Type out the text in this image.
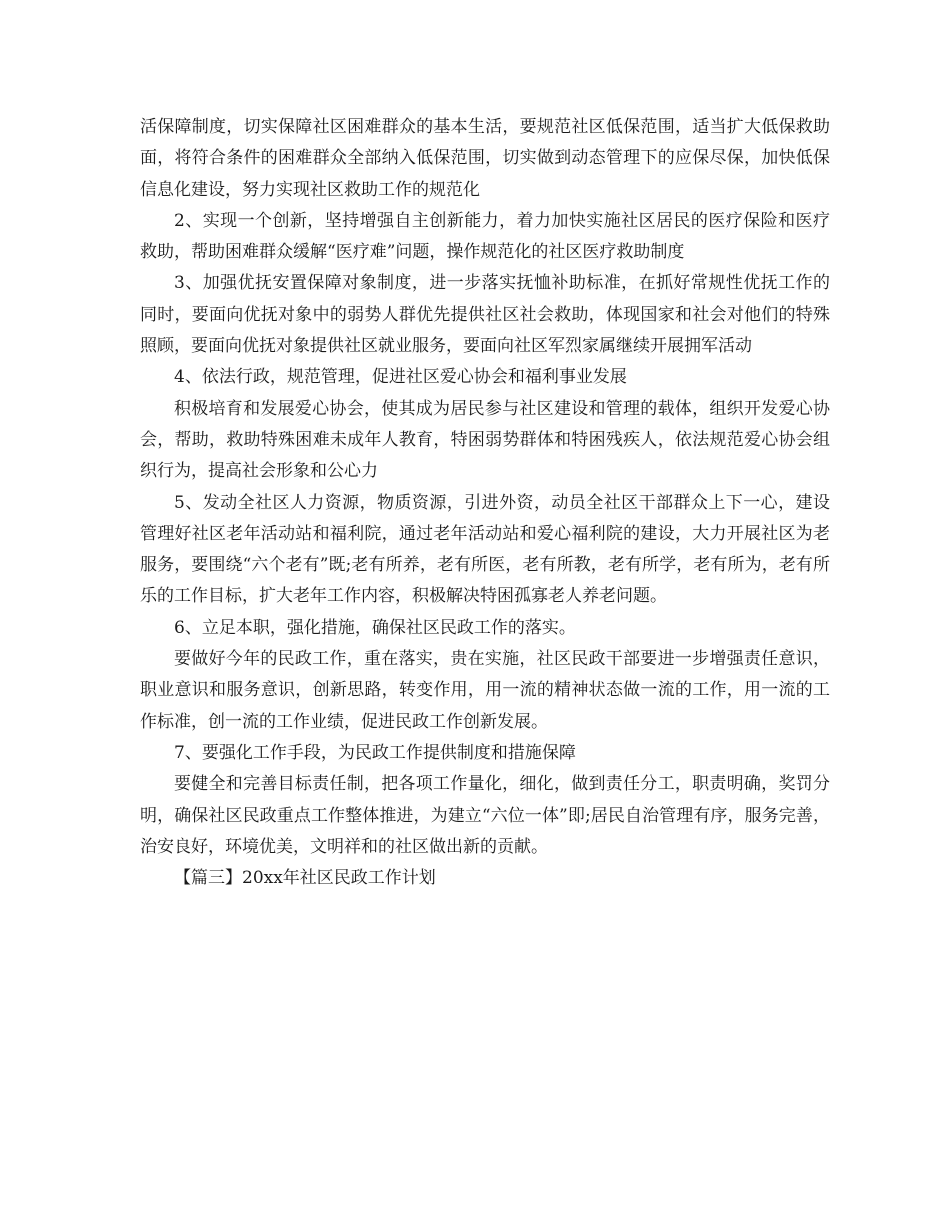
活保障制度，切实保障社区困难群众的基本生活，要规范社区低保范围，适当扩大低保救助面，将符合条件的困难群众全部纳入低保范围，切实做到动态管理下的应保尽保，加快低保信息化建设，努力实现社区救助工作的规范化

2、实现一个创新，坚持增强自主创新能力，着力加快实施社区居民的医疗保险和医疗救助，帮助困难群众缓解“医疗难”问题，操作规范化的社区医疗救助制度

3、加强优抚安置保障对象制度，进一步落实抚恤补助标准，在抓好常规性优抚工作的同时，要面向优抚对象中的弱势人群优先提供社区社会救助，体现国家和社会对他们的特殊照顾，要面向优抚对象提供社区就业服务，要面向社区军烈家属继续开展拥军活动

4、依法行政，规范管理，促进社区爱心协会和福利事业发展

积极培育和发展爱心协会，使其成为居民参与社区建设和管理的载体，组织开发爱心协会，帮助，救助特殊困难未成年人教育，特困弱势群体和特困残疾人，依法规范爱心协会组织行为，提高社会形象和公心力

5、发动全社区人力资源，物质资源，引进外资，动员全社区干部群众上下一心，建设管理好社区老年活动站和福利院，通过老年活动站和爱心福利院的建设，大力开展社区为老服务，要围绕“六个老有”既;老有所养，老有所医，老有所教，老有所学，老有所为，老有所乐的工作目标，扩大老年工作内容，积极解决特困孤寡老人养老问题。

6、立足本职，强化措施，确保社区民政工作的落实。

要做好今年的民政工作，重在落实，贵在实施，社区民政干部要进一步增强责任意识，职业意识和服务意识，创新思路，转变作用，用一流的精神状态做一流的工作，用一流的工作标准，创一流的工作业绩，促进民政工作创新发展。

7、要强化工作手段，为民政工作提供制度和措施保障

要健全和完善目标责任制，把各项工作量化，细化，做到责任分工，职责明确，奖罚分明，确保社区民政重点工作整体推进，为建立“六位一体”即;居民自治管理有序，服务完善，治安良好，环境优美，文明祥和的社区做出新的贡献。

【篇三】20xx年社区民政工作计划
